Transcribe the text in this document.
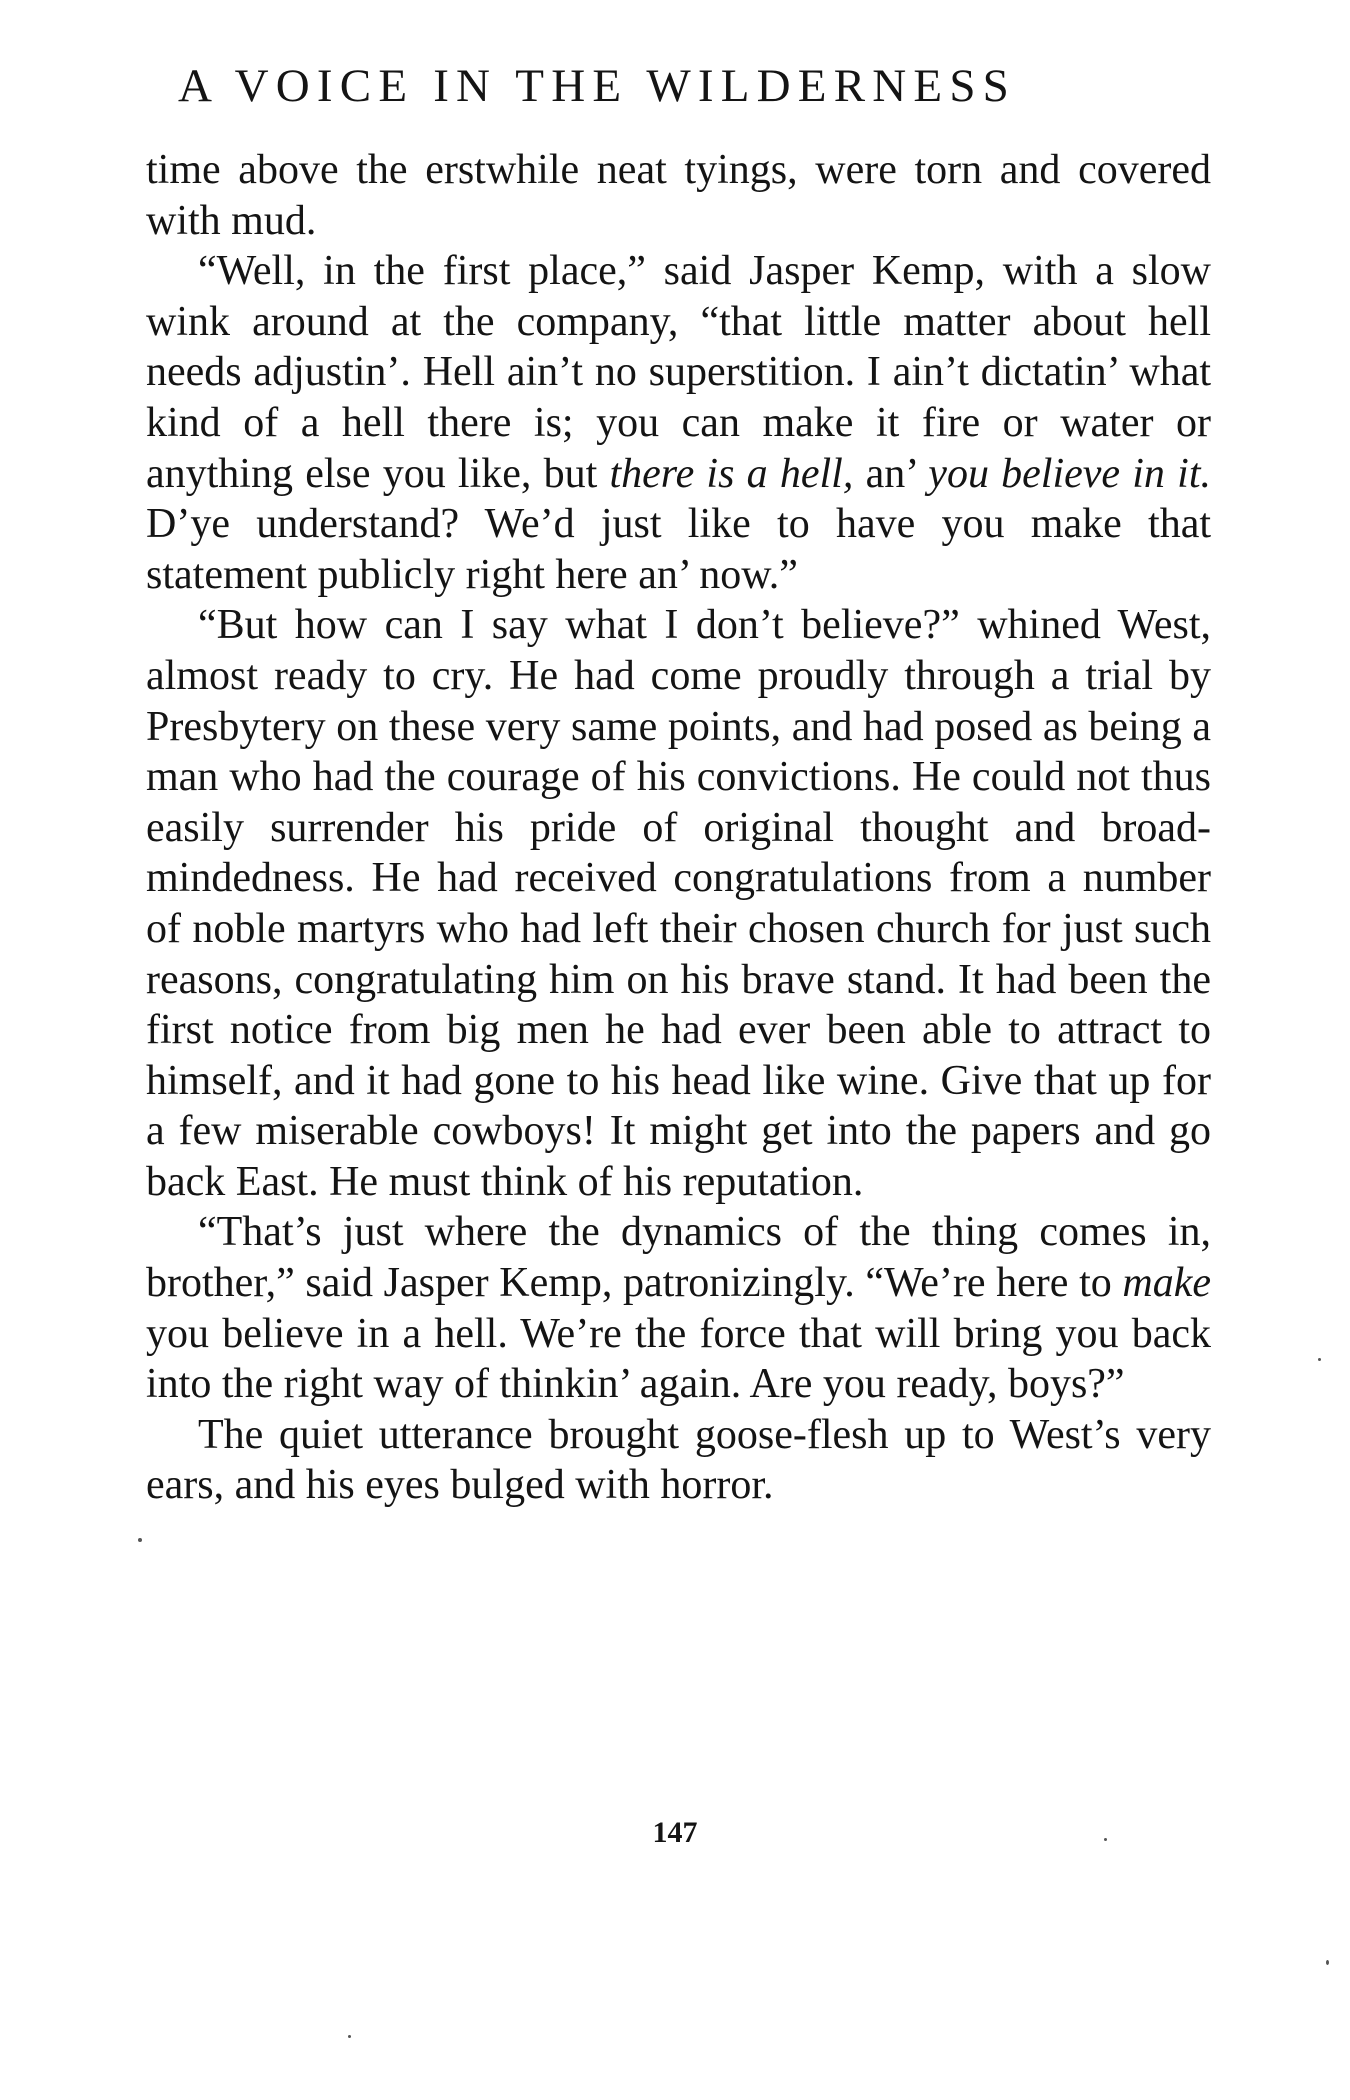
A VOICE IN THE WILDERNESS

time above the erstwhile neat tyings, were torn and covered with mud.

“Well, in the first place,” said Jasper Kemp, with a slow wink around at the company, “that little matter about hell needs adjustin’. Hell ain’t no superstition. I ain’t dictatin’ what kind of a hell there is; you can make it fire or water or anything else you like, but there is a hell, an’ you believe in it. D’ye understand? We’d just like to have you make that statement publicly right here an’ now.”

“But how can I say what I don’t believe?” whined West, almost ready to cry. He had come proudly through a trial by Presbytery on these very same points, and had posed as being a man who had the courage of his convictions. He could not thus easily surrender his pride of original thought and broad-mindedness. He had received congratulations from a number of noble martyrs who had left their chosen church for just such reasons, congratulating him on his brave stand. It had been the first notice from big men he had ever been able to attract to himself, and it had gone to his head like wine. Give that up for a few miserable cowboys! It might get into the papers and go back East. He must think of his reputation.

“That’s just where the dynamics of the thing comes in, brother,” said Jasper Kemp, patronizingly. “We’re here to make you believe in a hell. We’re the force that will bring you back into the right way of thinkin’ again. Are you ready, boys?”

The quiet utterance brought goose-flesh up to West’s very ears, and his eyes bulged with horror.

147
